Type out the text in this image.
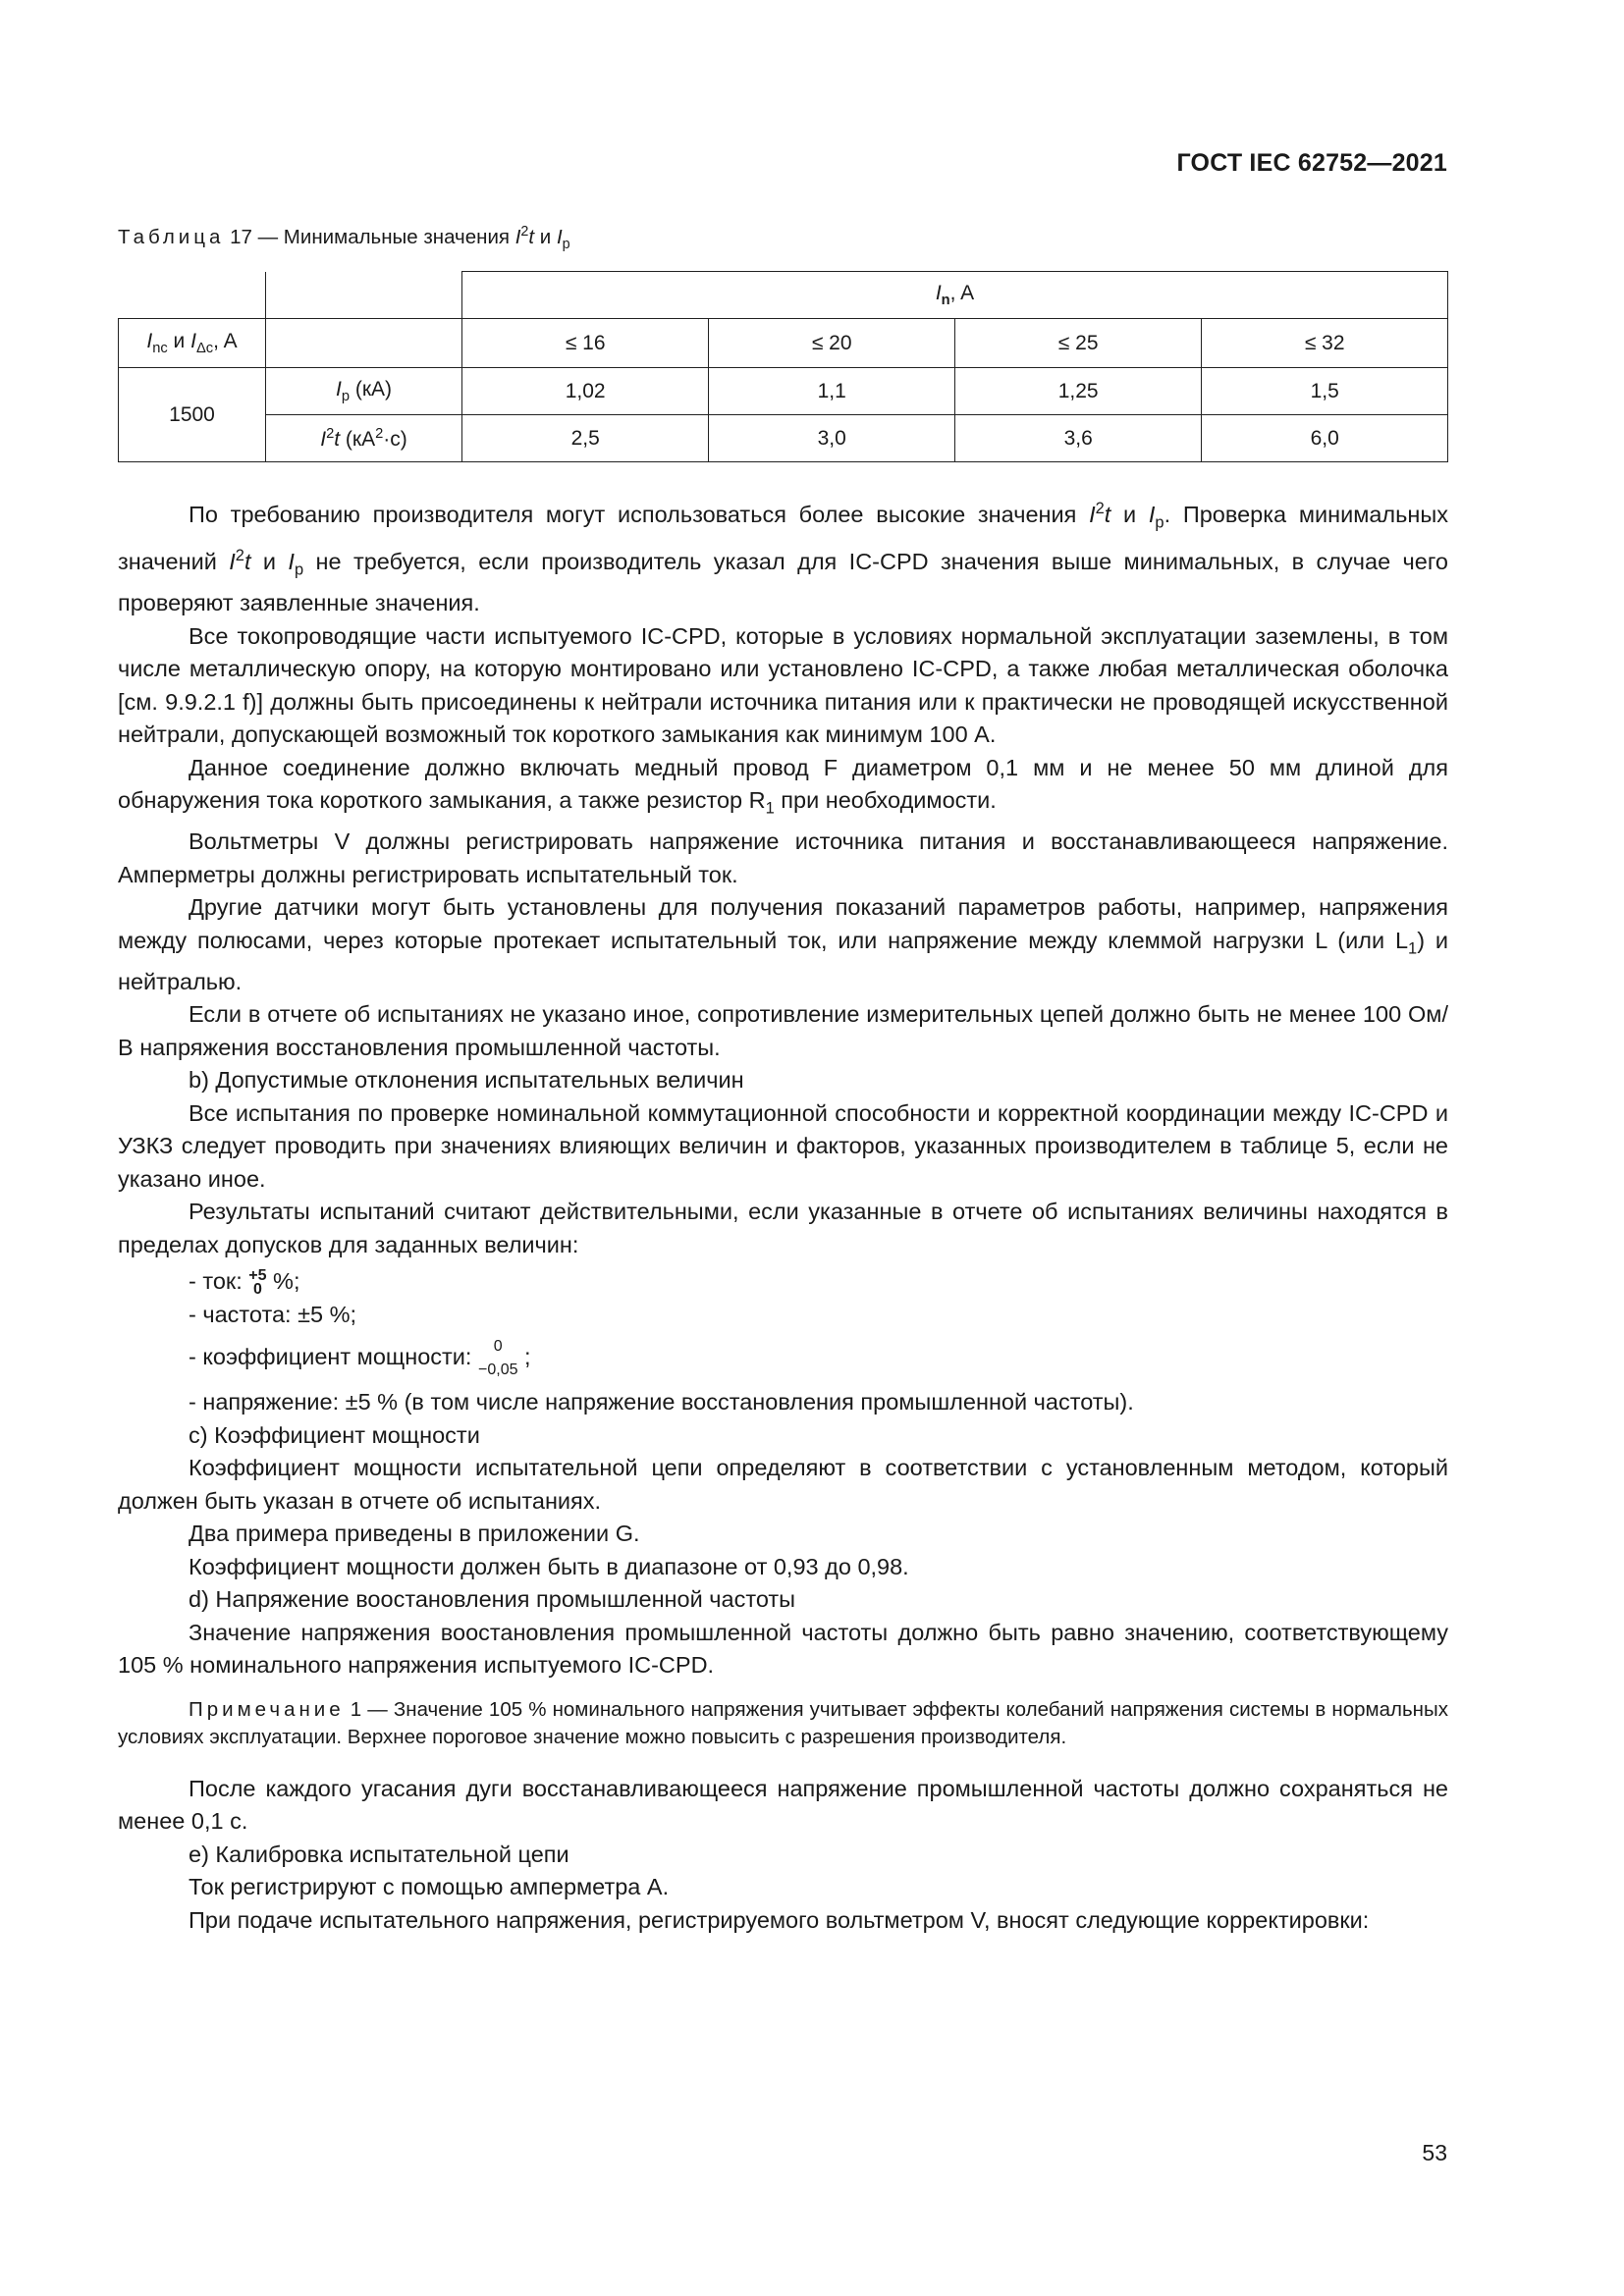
ГОСТ IEC 62752—2021
Таблица 17 — Минимальные значения $I^2t$ и $I_p$
		$I_n$, A			
$I_{nc}$ и $I_{\Delta c}$, A		≤ 16	≤ 20	≤ 25	≤ 32
1500	$I_p$ (кА)	1,02	1,1	1,25	1,5
	$I^2t$ $(кА^2\cdot с)$	2,5	3,0	3,6	6,0

По требованию производителя могут использоваться более высокие значения $I^2t$ и $I_p$. Проверка минимальных значений $I^2t$ и $I_p$ не требуется, если производитель указал для IC-CPD значения выше минимальных, в случае чего проверяют заявленные значения.

Все токопроводящие части испытуемого IC-CPD, которые в условиях нормальной эксплуатации заземлены, в том числе металлическую опору, на которую монтировано или установлено IC-CPD, а также любая металлическая оболочка [см. 9.9.2.1 f)] должны быть присоединены к нейтрали источника питания или к практически не проводящей искусственной нейтрали, допускающей возможный ток короткого замыкания как минимум 100 А.

Данное соединение должно включать медный провод F диаметром 0,1 мм и не менее 50 мм длиной для обнаружения тока короткого замыкания, а также резистор $R_1$ при необходимости.

Вольтметры V должны регистрировать напряжение источника питания и восстанавливающееся напряжение. Амперметры должны регистрировать испытательный ток.

Другие датчики могут быть установлены для получения показаний параметров работы, например, напряжения между полюсами, через которые протекает испытательный ток, или напряжение между клеммой нагрузки L (или $L_1$) и нейтралью.

Если в отчете об испытаниях не указано иное, сопротивление измерительных цепей должно быть не менее 100 Ом/В напряжения восстановления промышленной частоты.

b) Допустимые отклонения испытательных величин

Все испытания по проверке номинальной коммутационной способности и корректной координации между IC-CPD и УЗКЗ следует проводить при значениях влияющих величин и факторов, указанных производителем в таблице 5, если не указано иное.

Результаты испытаний считают действительными, если указанные в отчете об испытаниях величины находятся в пределах допусков для заданных величин:

- ток: +5
0 %;

- частота: ±5 %;

- коэффициент мощности: 0
−0,05 ;

- напряжение: ±5 % (в том числе напряжение восстановления промышленной частоты).

c) Коэффициент мощности

Коэффициент мощности испытательной цепи определяют в соответствии с установленным методом, который должен быть указан в отчете об испытаниях.

Два примера приведены в приложении G.

Коэффициент мощности должен быть в диапазоне от 0,93 до 0,98.

d) Напряжение воостановления промышленной частоты

Значение напряжения воостановления промышленной частоты должно быть равно значению, соответствующему 105 % номинального напряжения испытуемого IC-CPD.

Примечание 1 — Значение 105 % номинального напряжения учитывает эффекты колебаний напряжения системы в нормальных условиях эксплуатации. Верхнее пороговое значение можно повысить с разрешения производителя.

После каждого угасания дуги восстанавливающееся напряжение промышленной частоты должно сохраняться не менее 0,1 с.

e) Калибровка испытательной цепи

Ток регистрируют с помощью амперметра А.

При подаче испытательного напряжения, регистрируемого вольтметром V, вносят следующие корректировки:

53
